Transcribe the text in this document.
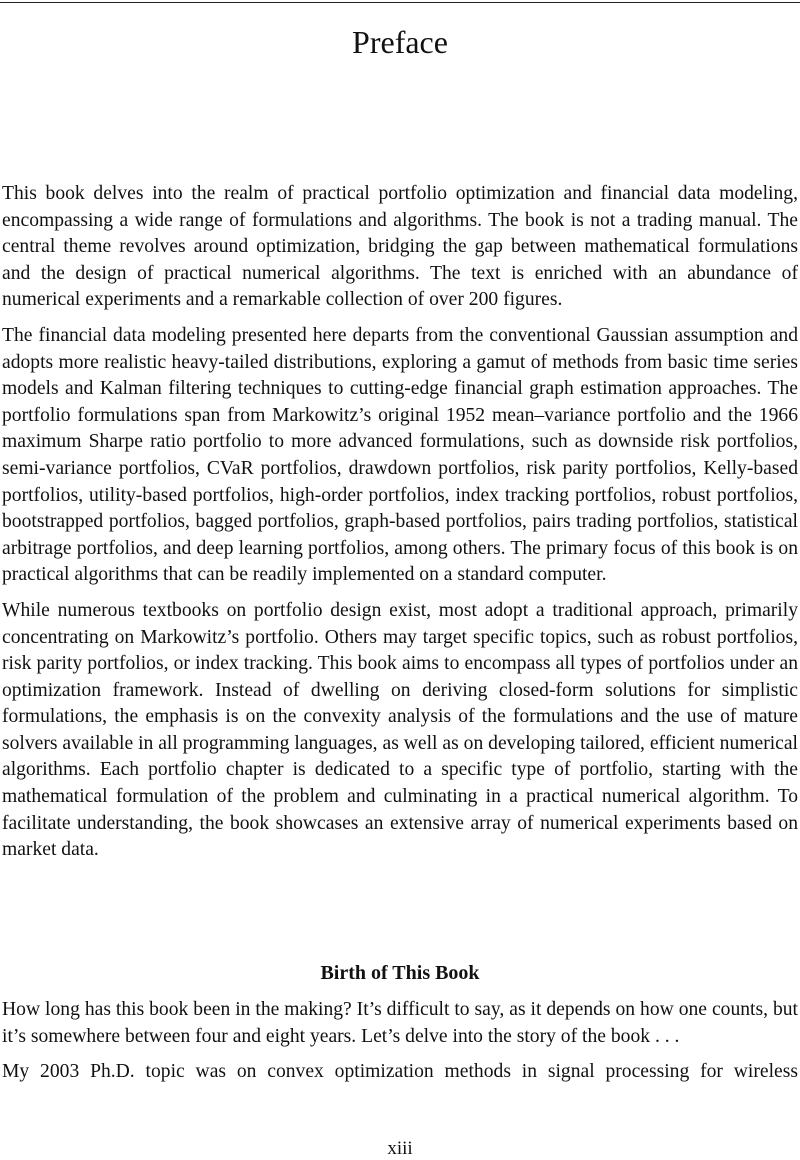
Preface

This book delves into the realm of practical portfolio optimization and financial data modeling, encompassing a wide range of formulations and algorithms. The book is not a trading manual. The central theme revolves around optimization, bridging the gap between mathematical formulations and the design of practical numerical algorithms. The text is enriched with an abundance of numerical experiments and a remarkable collection of over 200 figures.

The financial data modeling presented here departs from the conventional Gaussian assumption and adopts more realistic heavy-tailed distributions, exploring a gamut of methods from basic time series models and Kalman filtering techniques to cutting-edge financial graph estimation approaches. The portfolio formulations span from Markowitz’s original 1952 mean–variance portfolio and the 1966 maximum Sharpe ratio portfolio to more advanced formulations, such as downside risk portfolios, semi-variance portfolios, CVaR portfolios, drawdown portfolios, risk parity portfolios, Kelly-based portfolios, utility-based portfolios, high-order portfolios, index tracking portfolios, robust portfolios, bootstrapped portfolios, bagged portfolios, graph-based portfolios, pairs trading portfolios, statistical arbitrage portfolios, and deep learning portfolios, among others. The primary focus of this book is on practical algorithms that can be readily implemented on a standard computer.

While numerous textbooks on portfolio design exist, most adopt a traditional approach, primarily concentrating on Markowitz’s portfolio. Others may target specific topics, such as robust portfolios, risk parity portfolios, or index tracking. This book aims to encompass all types of portfolios under an optimization framework. Instead of dwelling on deriving closed-form solutions for simplistic formulations, the emphasis is on the convexity analysis of the formulations and the use of mature solvers available in all programming languages, as well as on developing tailored, efficient numerical algorithms. Each portfolio chapter is dedicated to a specific type of portfolio, starting with the mathematical formulation of the problem and culminating in a practical numerical algorithm. To facilitate understanding, the book showcases an extensive array of numerical experiments based on market data.

Birth of This Book

How long has this book been in the making? It’s difficult to say, as it depends on how one counts, but it’s somewhere between four and eight years. Let’s delve into the story of the book . . .

My 2003 Ph.D. topic was on convex optimization methods in signal processing for wireless

xiii
